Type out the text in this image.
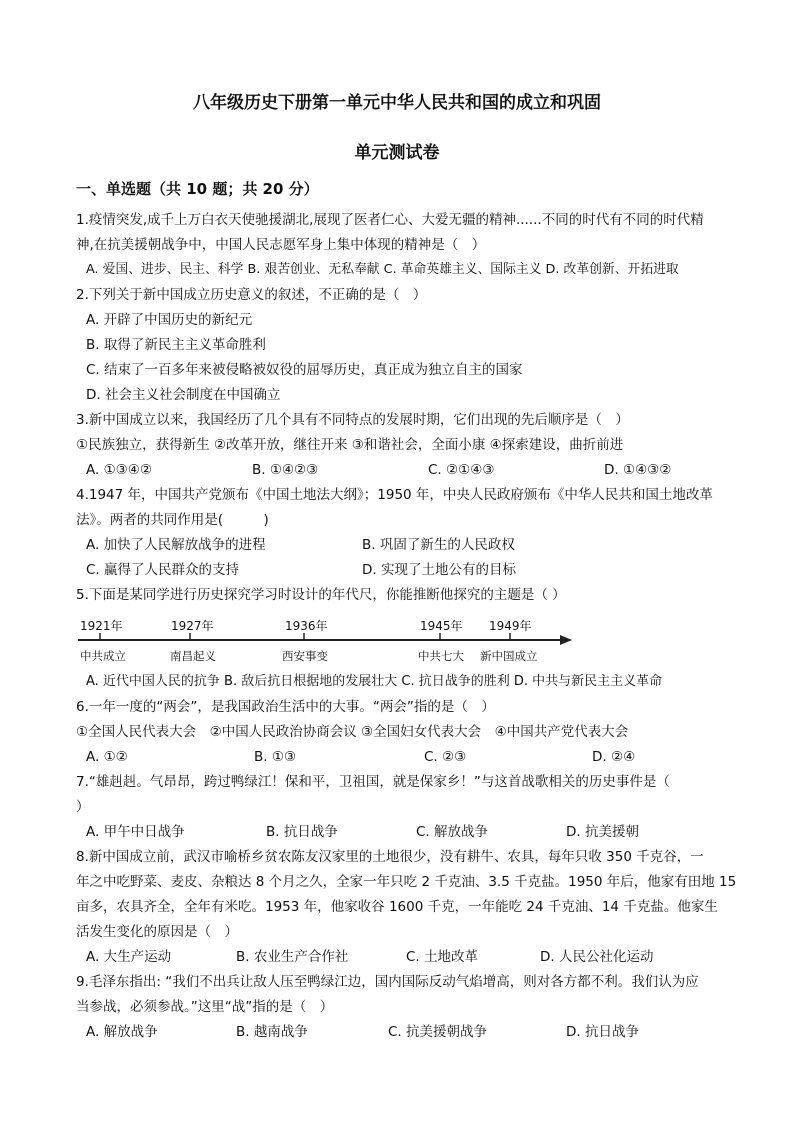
八年级历史下册第一单元中华人民共和国的成立和巩固
单元测试卷
一、单选题（共 10 题；共 20 分）
1.疫情突发,成千上万白衣天使驰援湖北,展现了医者仁心、大爱无疆的精神......不同的时代有不同的时代精
神,在抗美援朝战争中，中国人民志愿军身上集中体现的精神是（　）
A. 爱国、进步、民主、科学 B. 艰苦创业、无私奉献 C. 革命英雄主义、国际主义 D. 改革创新、开拓进取
2.下列关于新中国成立历史意义的叙述，不正确的是（　）
A. 开辟了中国历史的新纪元
B. 取得了新民主主义革命胜利
C. 结束了一百多年来被侵略被奴役的屈辱历史，真正成为独立自主的国家
D. 社会主义社会制度在中国确立
3.新中国成立以来，我国经历了几个具有不同特点的发展时期，它们出现的先后顺序是（　）
①民族独立，获得新生 ②改革开放，继往开来 ③和谐社会，全面小康 ④探索建设，曲折前进
A. ①③④②	B. ①④②③	C. ②①④③	D. ①④③②
4.1947 年，中国共产党颁布《中国土地法大纲》；1950 年，中央人民政府颁布《中华人民共和国土地改革
法》。两者的共同作用是(　　　)
A. 加快了人民解放战争的进程	B. 巩固了新生的人民政权
C. 赢得了人民群众的支持	D. 实现了土地公有的目标
5.下面是某同学进行历史探究学习时设计的年代尺，你能推断他探究的主题是（ ）
1921年	1927年	1936年	1945年 1949年
中共成立	南昌起义	西安事变	中共七大 新中国成立
A. 近代中国人民的抗争 B. 敌后抗日根据地的发展壮大 C. 抗日战争的胜利 D. 中共与新民主主义革命
6.一年一度的“两会”，是我国政治生活中的大事。“两会”指的是（　）
①全国人民代表大会　②中国人民政治协商会议 ③全国妇女代表大会　④中国共产党代表大会
A. ①②	B. ①③	C. ②③	D. ②④
7.“雄赳赳。气昂昂，跨过鸭绿江！保和平，卫祖国，就是保家乡！”与这首战歌相关的历史事件是（
）
A. 甲午中日战争	B. 抗日战争	C. 解放战争	D. 抗美援朝
8.新中国成立前，武汉市喻桥乡贫农陈友汉家里的土地很少，没有耕牛、农具，每年只收 350 千克谷，一
年之中吃野菜、麦皮、杂粮达 8 个月之久，全家一年只吃 2 千克油、3.5 千克盐。1950 年后，他家有田地 15
亩多，农具齐全，全年有米吃。1953 年，他家收谷 1600 千克，一年能吃 24 千克油、14 千克盐。他家生
活发生变化的原因是（　）
A. 大生产运动	B. 农业生产合作社	C. 土地改革	D. 人民公社化运动
9.毛泽东指出: “我们不出兵让敌人压至鸭绿江边，国内国际反动气焰增高，则对各方都不利。我们认为应
当参战，必须参战。”这里“战”指的是（　）
A. 解放战争	B. 越南战争	C. 抗美援朝战争	D. 抗日战争
